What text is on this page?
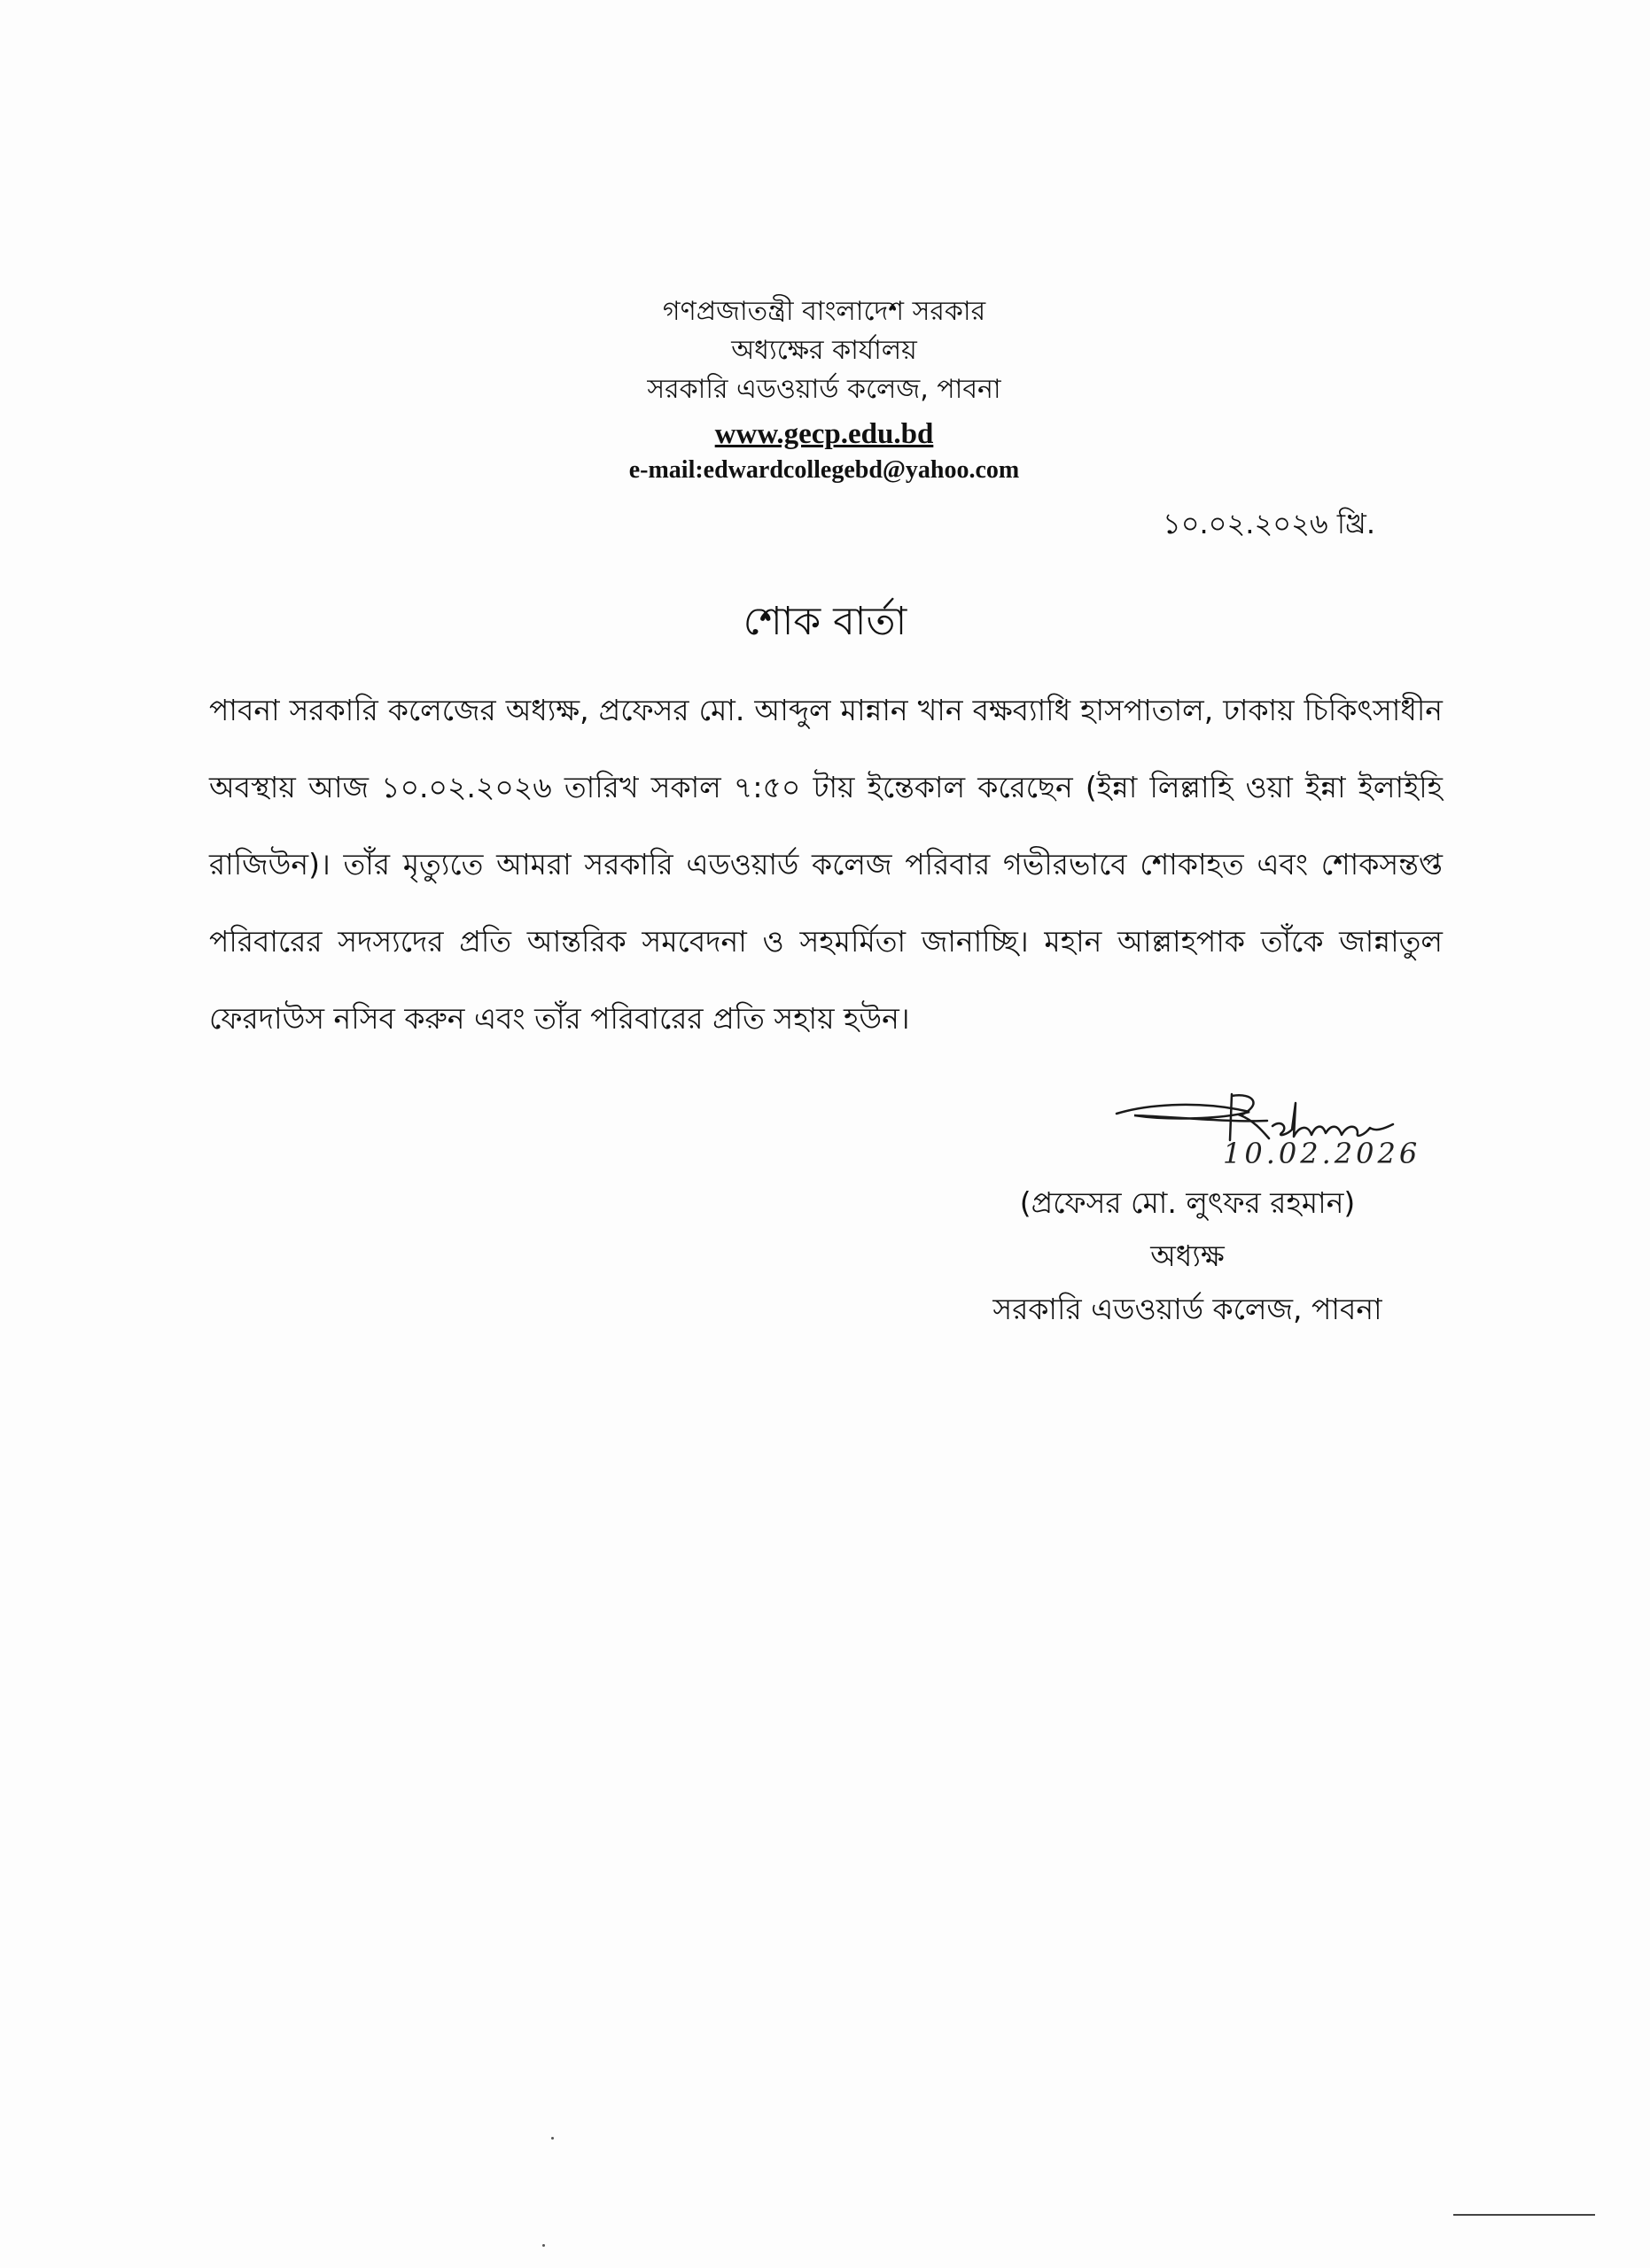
গণপ্রজাতন্ত্রী বাংলাদেশ সরকার
অধ্যক্ষের কার্যালয়
সরকারি এডওয়ার্ড কলেজ, পাবনা
www.gecp.edu.bd
e-mail:edwardcollegebd@yahoo.com
১০.০২.২০২৬ খ্রি.
শোক বার্তা
পাবনা সরকারি কলেজের অধ্যক্ষ, প্রফেসর মো. আব্দুল মান্নান খান বক্ষব্যাধি হাসপাতাল, ঢাকায় চিকিৎসাধীন অবস্থায় আজ ১০.০২.২০২৬ তারিখ সকাল ৭:৫০ টায় ইন্তেকাল করেছেন (ইন্না লিল্লাহি ওয়া ইন্না ইলাইহি রাজিউন)। তাঁর মৃত্যুতে আমরা সরকারি এডওয়ার্ড কলেজ পরিবার গভীরভাবে শোকাহত এবং শোকসন্তপ্ত পরিবারের সদস্যদের প্রতি আন্তরিক সমবেদনা ও সহমর্মিতা জানাচ্ছি। মহান আল্লাহপাক তাঁকে জান্নাতুল ফেরদাউস নসিব করুন এবং তাঁর পরিবারের প্রতি সহায় হউন।
10.02.2026
(প্রফেসর মো. লুৎফর রহমান)
অধ্যক্ষ
সরকারি এডওয়ার্ড কলেজ, পাবনা
